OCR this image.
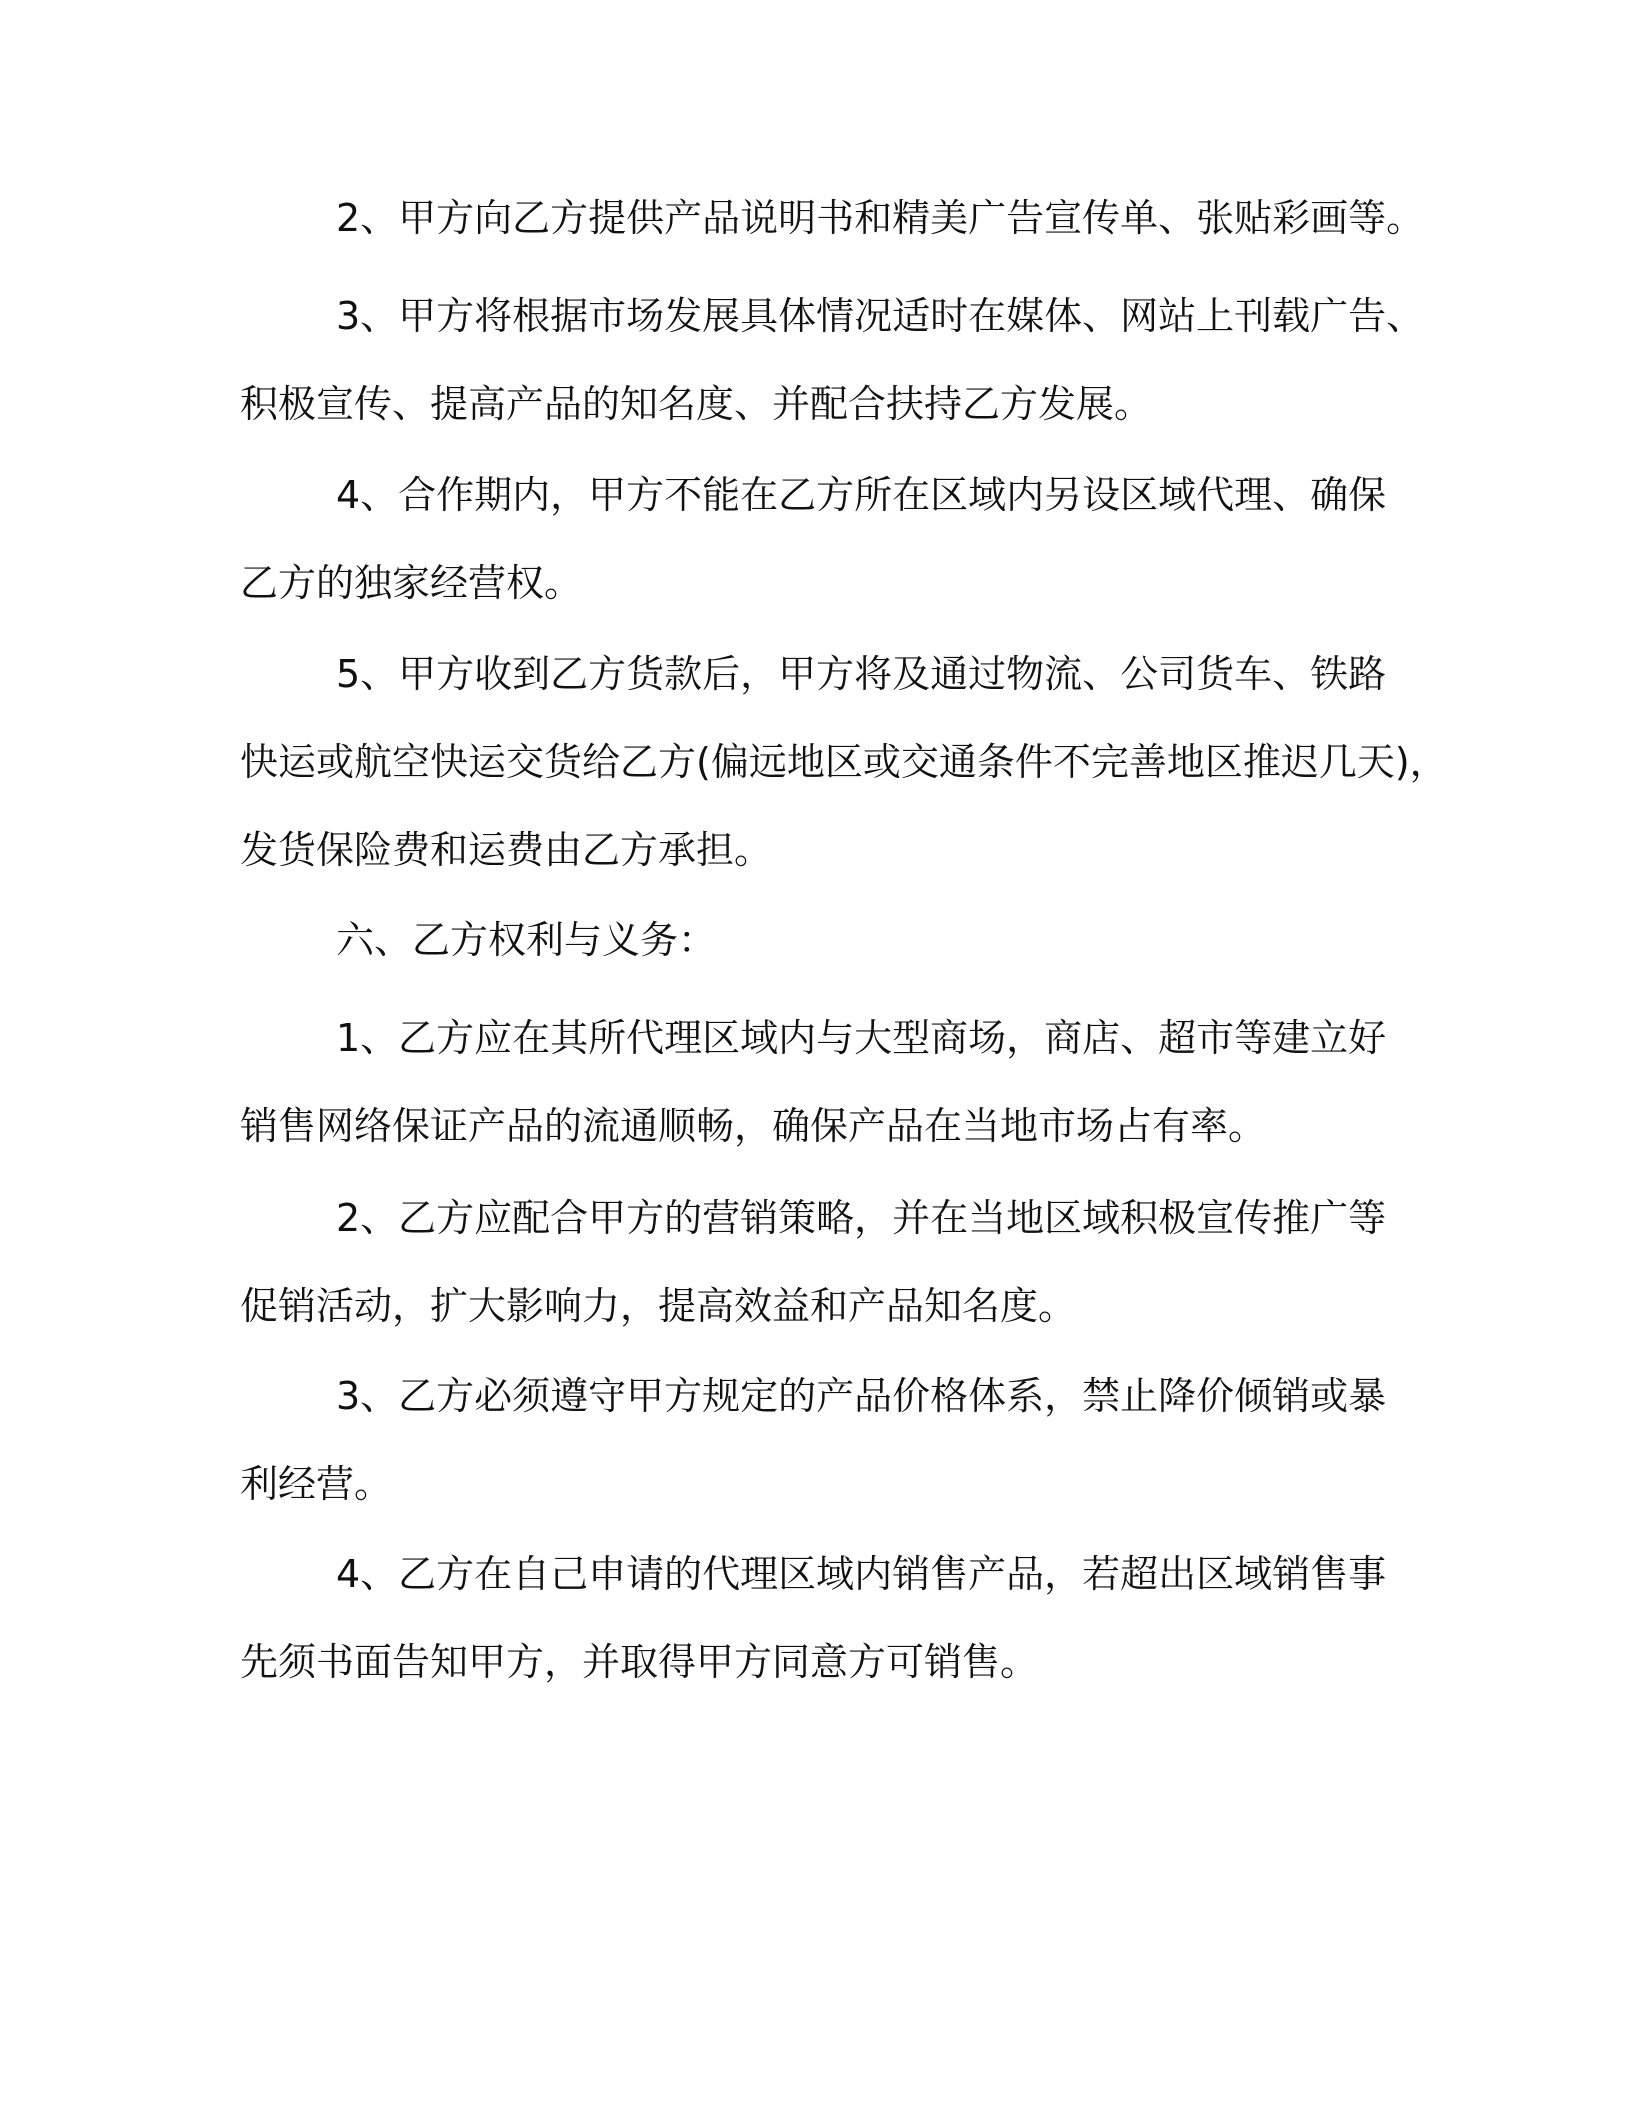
2、甲方向乙方提供产品说明书和精美广告宣传单、张贴彩画等。
3、甲方将根据市场发展具体情况适时在媒体、网站上刊载广告、
积极宣传、提高产品的知名度、并配合扶持乙方发展。
4、合作期内，甲方不能在乙方所在区域内另设区域代理、确保
乙方的独家经营权。
5、甲方收到乙方货款后，甲方将及通过物流、公司货车、铁路
快运或航空快运交货给乙方(偏远地区或交通条件不完善地区推迟几天)，
发货保险费和运费由乙方承担。
六、乙方权利与义务：
1、乙方应在其所代理区域内与大型商场，商店、超市等建立好
销售网络保证产品的流通顺畅，确保产品在当地市场占有率。
2、乙方应配合甲方的营销策略，并在当地区域积极宣传推广等
促销活动，扩大影响力，提高效益和产品知名度。
3、乙方必须遵守甲方规定的产品价格体系，禁止降价倾销或暴
利经营。
4、乙方在自己申请的代理区域内销售产品，若超出区域销售事
先须书面告知甲方，并取得甲方同意方可销售。
